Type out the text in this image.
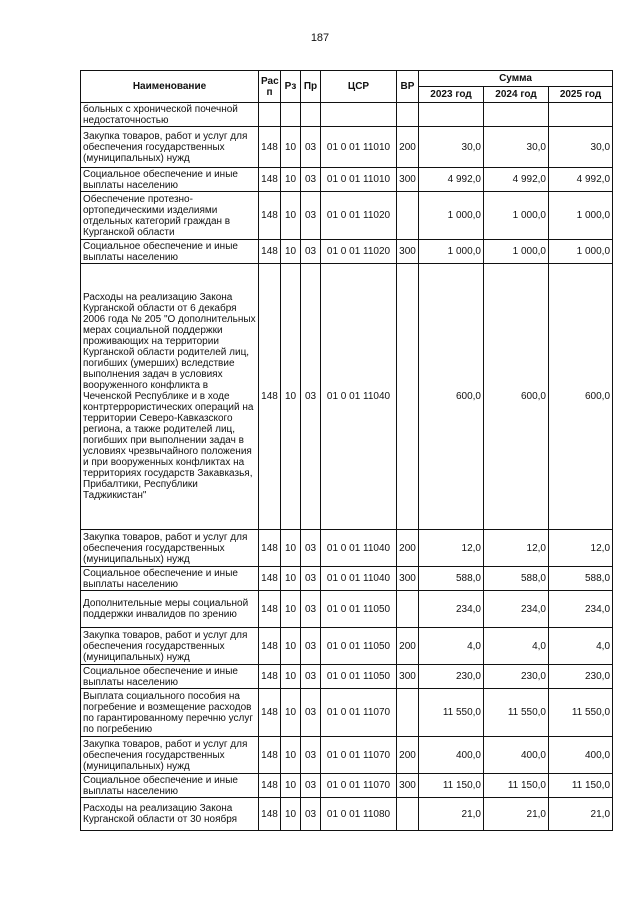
187
Наименование	Рас п	Рз	Пр	ЦСР	ВР	Сумма		
						2023 год	2024 год	2025 год
больных с хронической почечной недостаточностью								
Закупка товаров, работ и услуг для обеспечения государственных (муниципальных) нужд	148	10	03	01 0 01 11010	200	30,0	30,0	30,0
Социальное обеспечение и иные выплаты населению	148	10	03	01 0 01 11010	300	4 992,0	4 992,0	4 992,0
Обеспечение протезно-ортопедическими изделиями отдельных категорий граждан в Курганской области	148	10	03	01 0 01 11020		1 000,0	1 000,0	1 000,0
Социальное обеспечение и иные выплаты населению	148	10	03	01 0 01 11020	300	1 000,0	1 000,0	1 000,0
Расходы на реализацию Закона Курганской области от 6 декабря 2006 года № 205 "О дополнительных мерах социальной поддержки проживающих на территории Курганской области родителей лиц, погибших (умерших) вследствие выполнения задач в условиях вооруженного конфликта в Чеченской Республике и в ходе контртеррористических операций на территории Северо-Кавказского региона, а также родителей лиц, погибших при выполнении задач в условиях чрезвычайного положения и при вооруженных конфликтах на территориях государств Закавказья, Прибалтики, Республики Таджикистан"	148	10	03	01 0 01 11040		600,0	600,0	600,0
Закупка товаров, работ и услуг для обеспечения государственных (муниципальных) нужд	148	10	03	01 0 01 11040	200	12,0	12,0	12,0
Социальное обеспечение и иные выплаты населению	148	10	03	01 0 01 11040	300	588,0	588,0	588,0
Дополнительные меры социальной поддержки инвалидов по зрению	148	10	03	01 0 01 11050		234,0	234,0	234,0
Закупка товаров, работ и услуг для обеспечения государственных (муниципальных) нужд	148	10	03	01 0 01 11050	200	4,0	4,0	4,0
Социальное обеспечение и иные выплаты населению	148	10	03	01 0 01 11050	300	230,0	230,0	230,0
Выплата социального пособия на погребение и возмещение расходов по гарантированному перечню услуг по погребению	148	10	03	01 0 01 11070		11 550,0	11 550,0	11 550,0
Закупка товаров, работ и услуг для обеспечения государственных (муниципальных) нужд	148	10	03	01 0 01 11070	200	400,0	400,0	400,0
Социальное обеспечение и иные выплаты населению	148	10	03	01 0 01 11070	300	11 150,0	11 150,0	11 150,0
Расходы на реализацию Закона Курганской области от 30 ноября	148	10	03	01 0 01 11080		21,0	21,0	21,0
